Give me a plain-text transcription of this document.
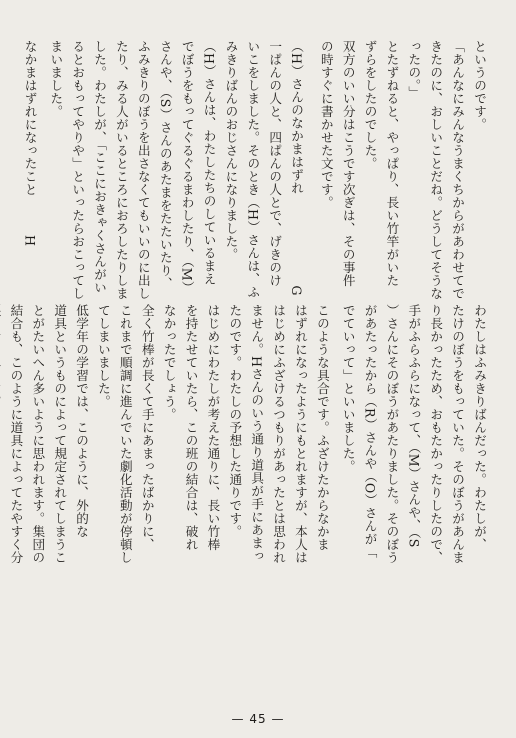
というのです。
「あんなにみんなうまくちからがあわせてで
きたのに、おしいことだね。どうしてそうな
ったの。」
とたずねると、やっぱり、長い竹竿がいた
ずらをしたのでした。
双方のいい分はこうです次ぎは、その事件
の時すぐに書かせた文です。
（H）さんのなかまはずれ　　　　　　　G
一ぱんの人と、四ぱんの人とで、げきのけ
いこをしました。そのとき（H）さんは、ふ
みきりばんのおじさんになりました。
（H）さんは、わたしたちのしているまえ
でぼうをもってぐるぐるまわしたり、（M）
さんや、（S）さんのあたまをたたいたり、
ふみきりのぼうを出さなくてもいいのに出し
たり、みる人がいるところにおろしたりしま
した。わたしが、「ここにおきゃくさんがい
るとおもってやりや」といったらおこってし
まいました。
なかまはずれになったこと　　　H
わたしはふみきりばんだった。わたしが、
たけのぼうをもっていた。そのぼうがあんま
り長かったため、おもたかったりしたので、
手がふらふらになって、（M）さんや、（S
）さんにそのぼうがあたりました。そのぼう
があたったから（R）さんや（O）さんが「
でていって」といいました。
このような具合です。ふざけたからなかま
はずれになったようにもとれますが、本人は
はじめにふざけるつもりがあったとは思われ
ません。Hさんのいう通り道具が手にあまっ
たのです。わたしの予想した通りです。
はじめにわたしが考えた通りに、長い竹棒
を持たせていたら、この班の結合は、破れ
なかったでしょう。
全く竹棒が長くて手にあまったばかりに、
これまで順調に進んでいた劇化活動が停頓し
てしまいました。
低学年の学習では、このように、外的な
道具というものによって規定されてしまうこ
とがたいへん多いように思われます。集団の
結合も、このように道具によってたやすく分
— 45 —
